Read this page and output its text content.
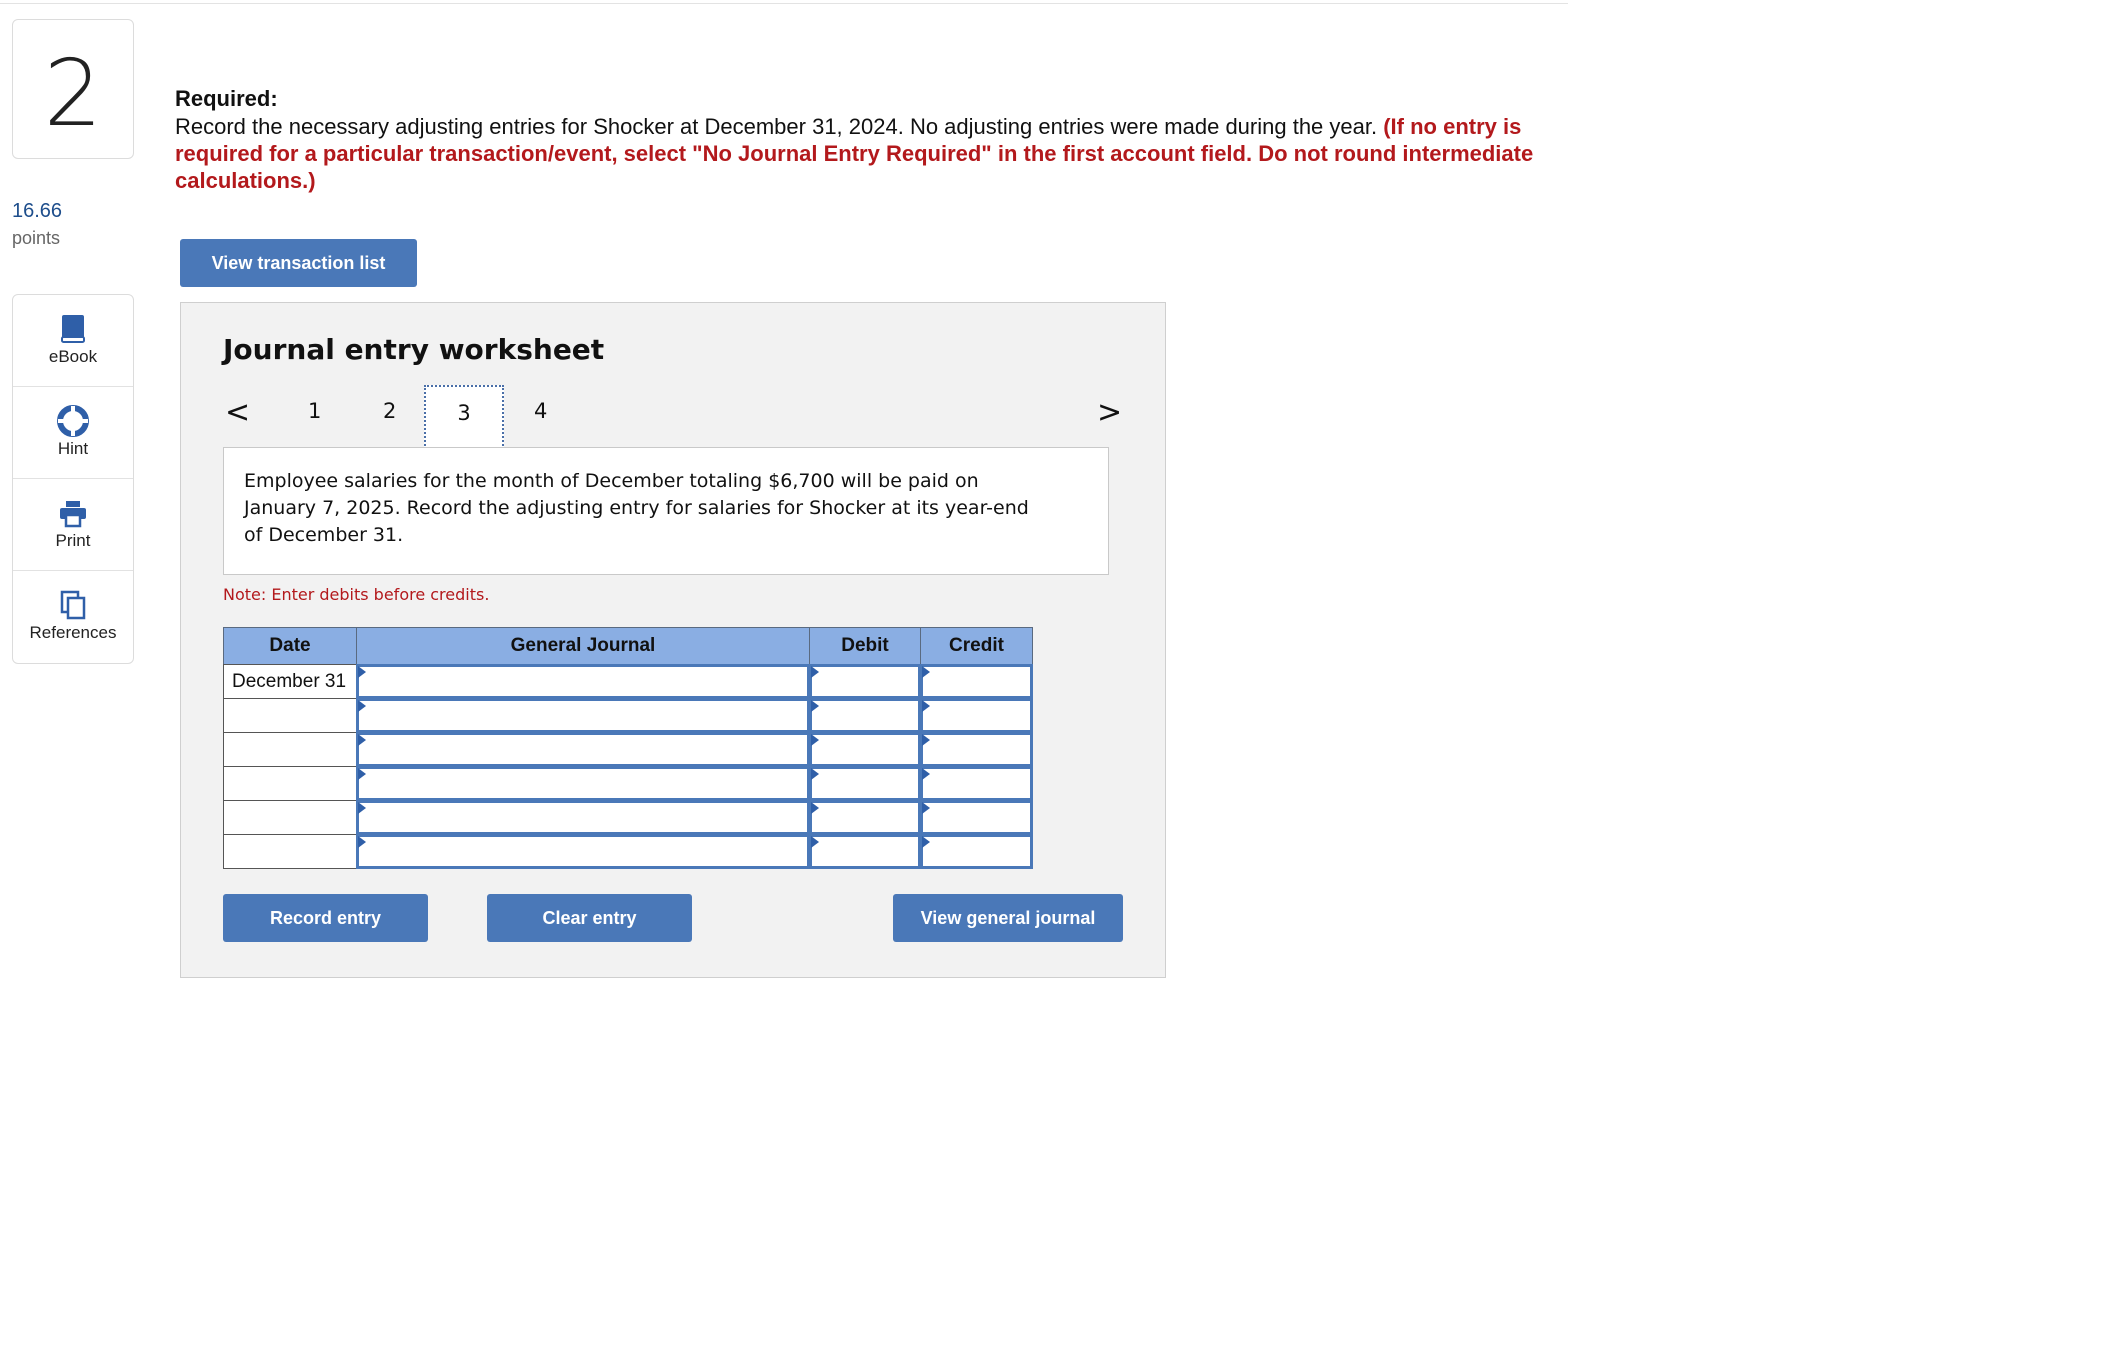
2
16.66
points
eBook
Hint
Print
References
Required:
Record the necessary adjusting entries for Shocker at December 31, 2024. No adjusting entries were made during the year. (If no entry is required for a particular transaction/event, select "No Journal Entry Required" in the first account field. Do not round intermediate calculations.)
View transaction list
Journal entry worksheet
<	1	2	3	4	>
Employee salaries for the month of December totaling $6,700 will be paid on January 7, 2025. Record the adjusting entry for salaries for Shocker at its year-end of December 31.
Note: Enter debits before credits.
Date	General Journal	Debit	Credit
December 31
Record entry	Clear entry	View general journal
